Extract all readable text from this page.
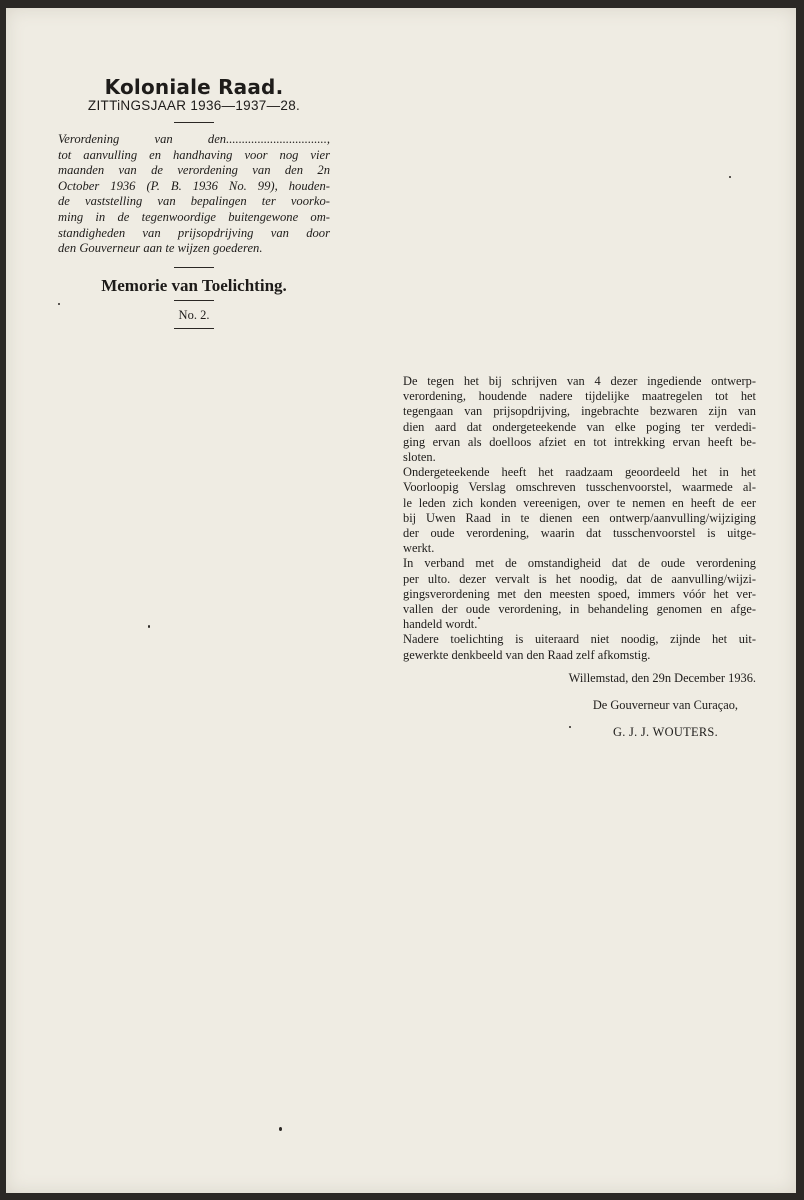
Koloniale Raad.
ZITTiNGSJAAR 1936—1937—28.
Verordening van den................................,
tot aanvulling en handhaving voor nog vier
maanden van de verordening van den 2n
October 1936 (P. B. 1936 No. 99), houden-
de vaststelling van bepalingen ter voorko-
ming in de tegenwoordige buitengewone om-
standigheden van prijsopdrijving van door
den Gouverneur aan te wijzen goederen.
Memorie van Toelichting.
No. 2.
De tegen het bij schrijven van 4 dezer ingediende ontwerp-
verordening, houdende nadere tijdelijke maatregelen tot het
tegengaan van prijsopdrijving, ingebrachte bezwaren zijn van
dien aard dat ondergeteekende van elke poging ter verdedi-
ging ervan als doelloos afziet en tot intrekking ervan heeft be-
sloten.
Ondergeteekende heeft het raadzaam geoordeeld het in het
Voorloopig Verslag omschreven tusschenvoorstel, waarmede al-
le leden zich konden vereenigen, over te nemen en heeft de eer
bij Uwen Raad in te dienen een ontwerp/aanvulling/wijziging
der oude verordening, waarin dat tusschenvoorstel is uitge-
werkt.
In verband met de omstandigheid dat de oude verordening
per ulto. dezer vervalt is het noodig, dat de aanvulling/wijzi-
gingsverordening met den meesten spoed, immers vóór het ver-
vallen der oude verordening, in behandeling genomen en afge-
handeld wordt.
Nadere toelichting is uiteraard niet noodig, zijnde het uit-
gewerkte denkbeeld van den Raad zelf afkomstig.
Willemstad, den 29n December 1936.
De Gouverneur van Curaçao,
G. J. J. WOUTERS.
